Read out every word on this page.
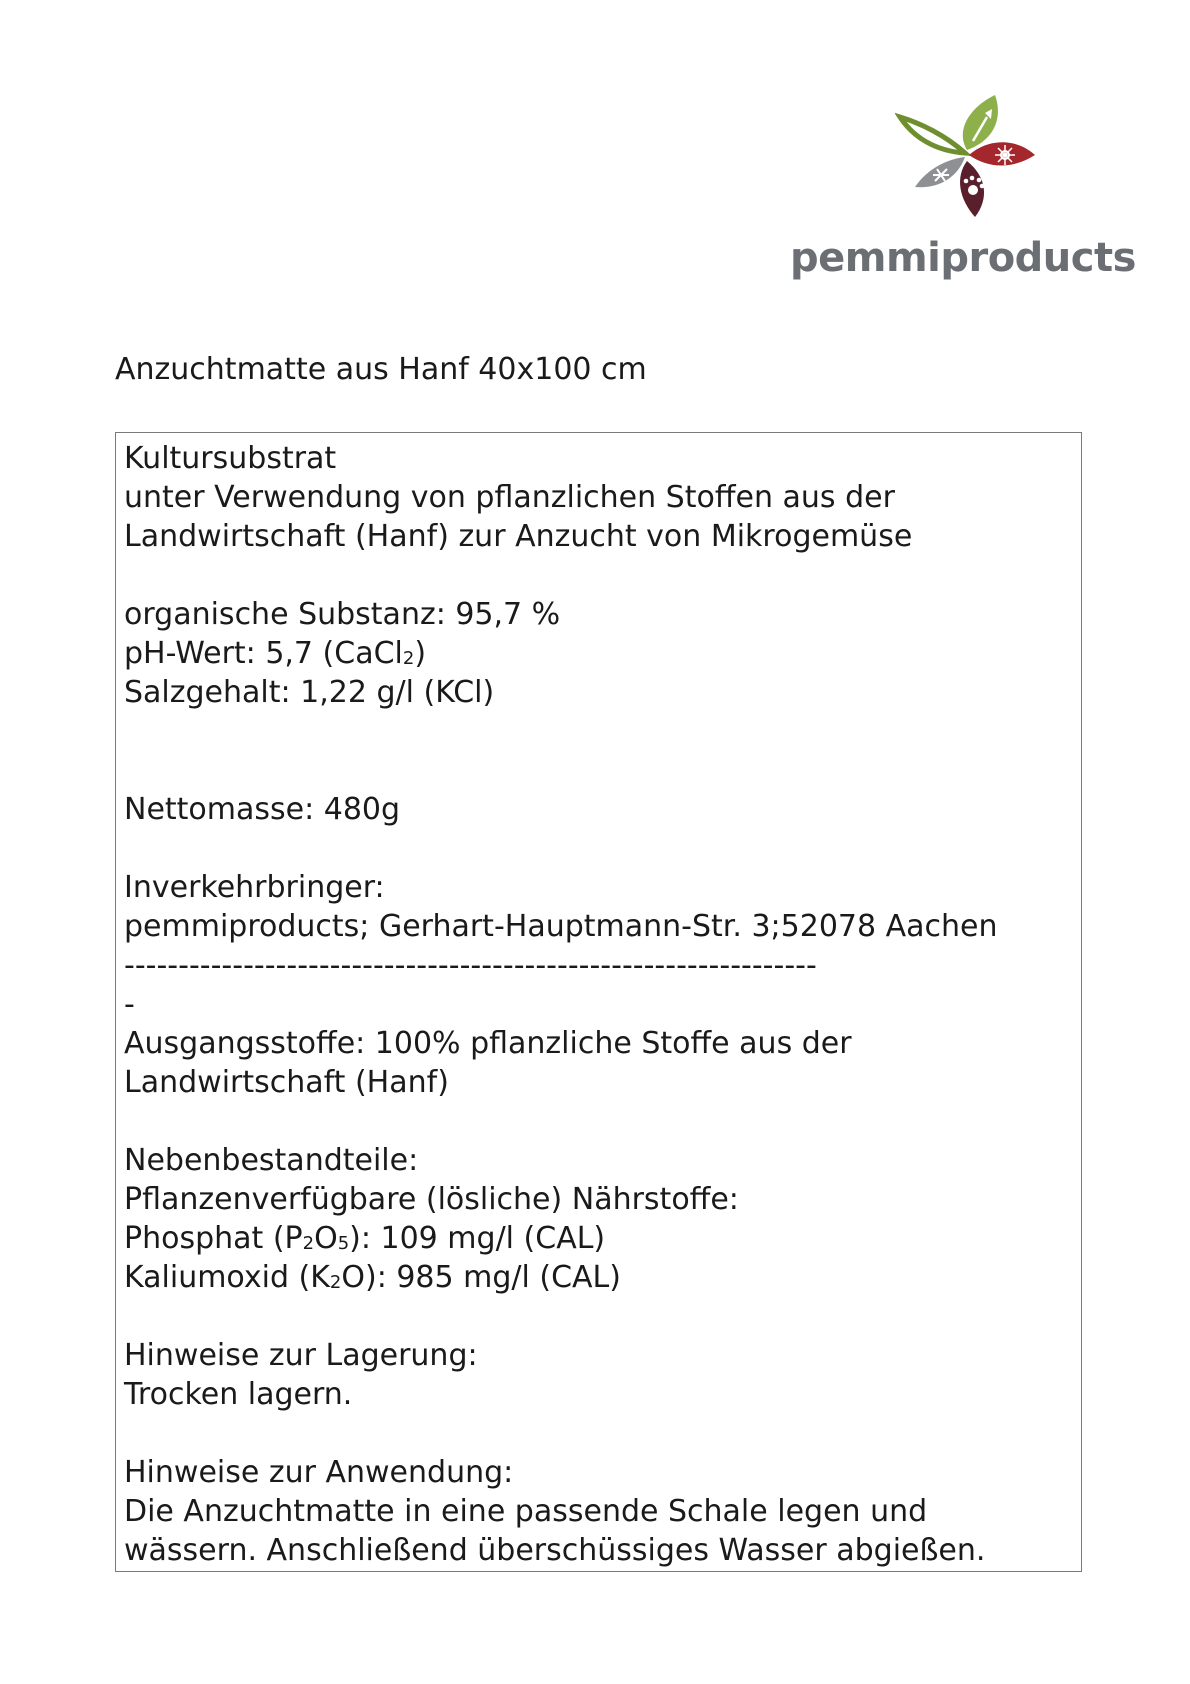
pemmiproducts
Anzuchtmatte aus Hanf 40x100 cm
Kultursubstrat
unter Verwendung von pflanzlichen Stoffen aus der
Landwirtschaft (Hanf) zur Anzucht von Mikrogemüse
organische Substanz: 95,7 %
pH-Wert: 5,7 (CaCl$_2$)
Salzgehalt: 1,22 g/l (KCl)
Nettomasse: 480g
Inverkehrbringer:
pemmiproducts; Gerhart-Hauptmann-Str. 3;52078 Aachen
----------------------------------------------------------------
-
Ausgangsstoffe: 100% pflanzliche Stoffe aus der
Landwirtschaft (Hanf)
Nebenbestandteile:
Pflanzenverfügbare (lösliche) Nährstoffe:
Phosphat $(P_2O_5)$: 109 mg/l (CAL)
Kaliumoxid $(K_2O)$: 985 mg/l (CAL)
Hinweise zur Lagerung:
Trocken lagern.
Hinweise zur Anwendung:
Die Anzuchtmatte in eine passende Schale legen und
wässern. Anschließend überschüssiges Wasser abgießen.
